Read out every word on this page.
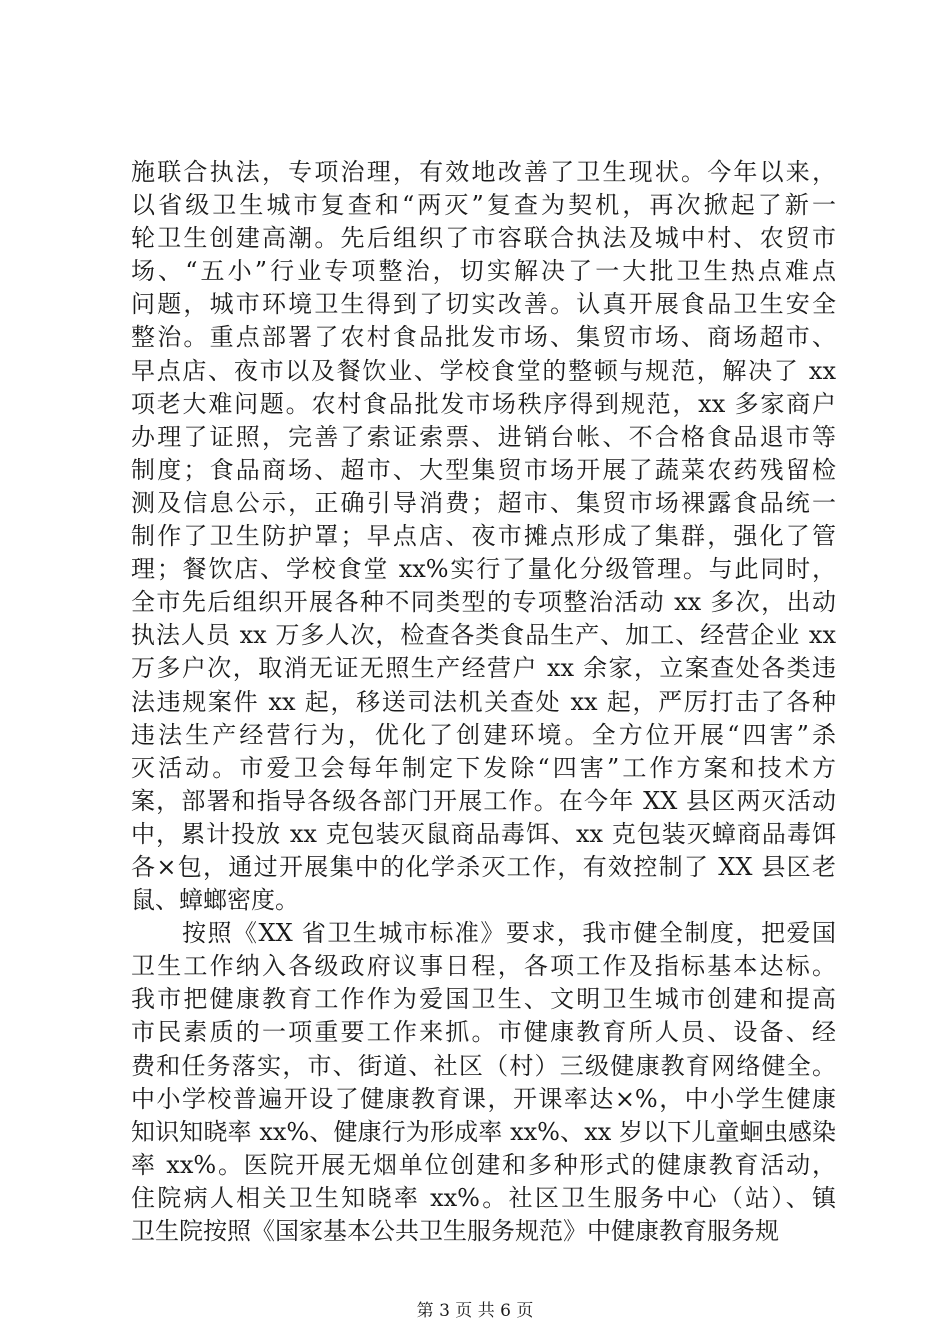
施联合执法，专项治理，有效地改善了卫生现状。今年以来，
以省级卫生城市复查和“两灭”复查为契机，再次掀起了新一
轮卫生创建高潮。先后组织了市容联合执法及城中村、农贸市
场、“五小”行业专项整治，切实解决了一大批卫生热点难点
问题，城市环境卫生得到了切实改善。认真开展食品卫生安全
整治。重点部署了农村食品批发市场、集贸市场、商场超市、
早点店、夜市以及餐饮业、学校食堂的整顿与规范，解决了 xx
项老大难问题。农村食品批发市场秩序得到规范，xx 多家商户
办理了证照，完善了索证索票、进销台帐、不合格食品退市等
制度；食品商场、超市、大型集贸市场开展了蔬菜农药残留检
测及信息公示，正确引导消费；超市、集贸市场裸露食品统一
制作了卫生防护罩；早点店、夜市摊点形成了集群，强化了管
理；餐饮店、学校食堂 xx%实行了量化分级管理。与此同时，
全市先后组织开展各种不同类型的专项整治活动 xx 多次，出动
执法人员 xx 万多人次，检查各类食品生产、加工、经营企业 xx
万多户次，取消无证无照生产经营户 xx 余家，立案查处各类违
法违规案件 xx 起，移送司法机关查处 xx 起，严厉打击了各种
违法生产经营行为，优化了创建环境。全方位开展“四害”杀
灭活动。市爱卫会每年制定下发除“四害”工作方案和技术方
案，部署和指导各级各部门开展工作。在今年 XX 县区两灭活动
中，累计投放 xx 克包装灭鼠商品毒饵、xx 克包装灭蟑商品毒饵
各×包，通过开展集中的化学杀灭工作，有效控制了 XX 县区老
鼠、蟑螂密度。
　　按照《XX 省卫生城市标准》要求，我市健全制度，把爱国
卫生工作纳入各级政府议事日程，各项工作及指标基本达标。
我市把健康教育工作作为爱国卫生、文明卫生城市创建和提高
市民素质的一项重要工作来抓。市健康教育所人员、设备、经
费和任务落实，市、街道、社区（村）三级健康教育网络健全。
中小学校普遍开设了健康教育课，开课率达×%，中小学生健康
知识知晓率 xx%、健康行为形成率 xx%、xx 岁以下儿童蛔虫感染
率 xx%。医院开展无烟单位创建和多种形式的健康教育活动，
住院病人相关卫生知晓率 xx%。社区卫生服务中心（站）、镇
卫生院按照《国家基本公共卫生服务规范》中健康教育服务规
第 3 页 共 6 页
